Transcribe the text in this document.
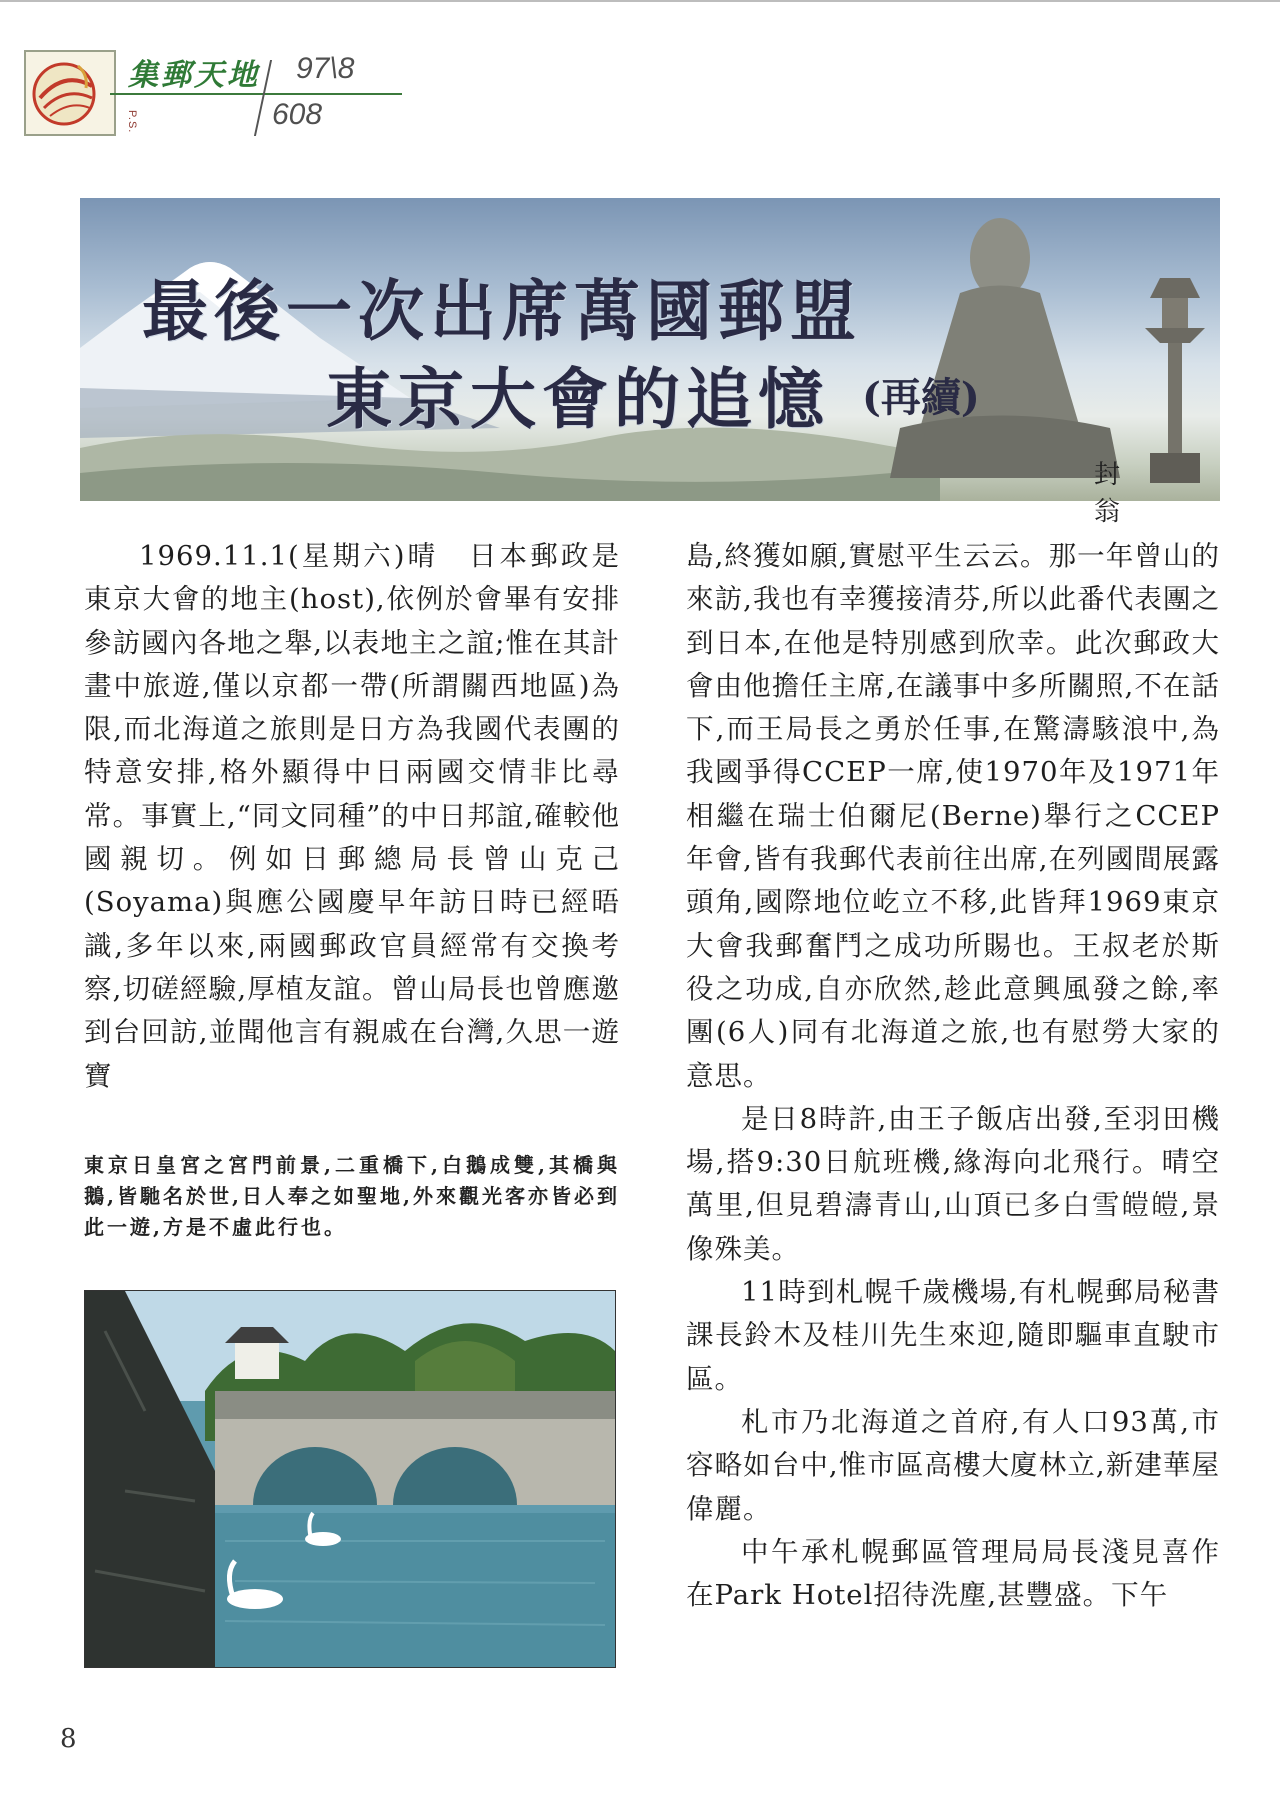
P.S.
集郵天地 97\8
608
最後一次出席萬國郵盟
東京大會的追憶 (再續)
封翁

1969.11.1(星期六)晴　日本郵政是東京大會的地主(host),依例於會畢有安排參訪國內各地之舉,以表地主之誼;惟在其計畫中旅遊,僅以京都一帶(所謂關西地區)為限,而北海道之旅則是日方為我國代表團的特意安排,格外顯得中日兩國交情非比尋常。事實上,“同文同種”的中日邦誼,確較他國親切。例如日郵總局長曾山克己(Soyama)與應公國慶早年訪日時已經晤識,多年以來,兩國郵政官員經常有交換考察,切磋經驗,厚植友誼。曾山局長也曾應邀到台回訪,並聞他言有親戚在台灣,久思一遊寶

東京日皇宮之宮門前景,二重橋下,白鵝成雙,其橋與鵝,皆馳名於世,日人奉之如聖地,外來觀光客亦皆必到此一遊,方是不虛此行也。

島,終獲如願,實慰平生云云。那一年曾山的來訪,我也有幸獲接清芬,所以此番代表團之到日本,在他是特別感到欣幸。此次郵政大會由他擔任主席,在議事中多所關照,不在話下,而王局長之勇於任事,在驚濤駭浪中,為我國爭得CCEP一席,使1970年及1971年相繼在瑞士伯爾尼(Berne)舉行之CCEP年會,皆有我郵代表前往出席,在列國間展露頭角,國際地位屹立不移,此皆拜1969東京大會我郵奮鬥之成功所賜也。王叔老於斯役之功成,自亦欣然,趁此意興風發之餘,率團(6人)同有北海道之旅,也有慰勞大家的意思。

是日8時許,由王子飯店出發,至羽田機場,搭9:30日航班機,緣海向北飛行。晴空萬里,但見碧濤青山,山頂已多白雪皚皚,景像殊美。

11時到札幌千歲機場,有札幌郵局秘書課長鈴木及桂川先生來迎,隨即驅車直駛市區。

札市乃北海道之首府,有人口93萬,市容略如台中,惟市區高樓大廈林立,新建華屋偉麗。

中午承札幌郵區管理局局長淺見喜作在Park Hotel招待洗塵,甚豐盛。下午

8
